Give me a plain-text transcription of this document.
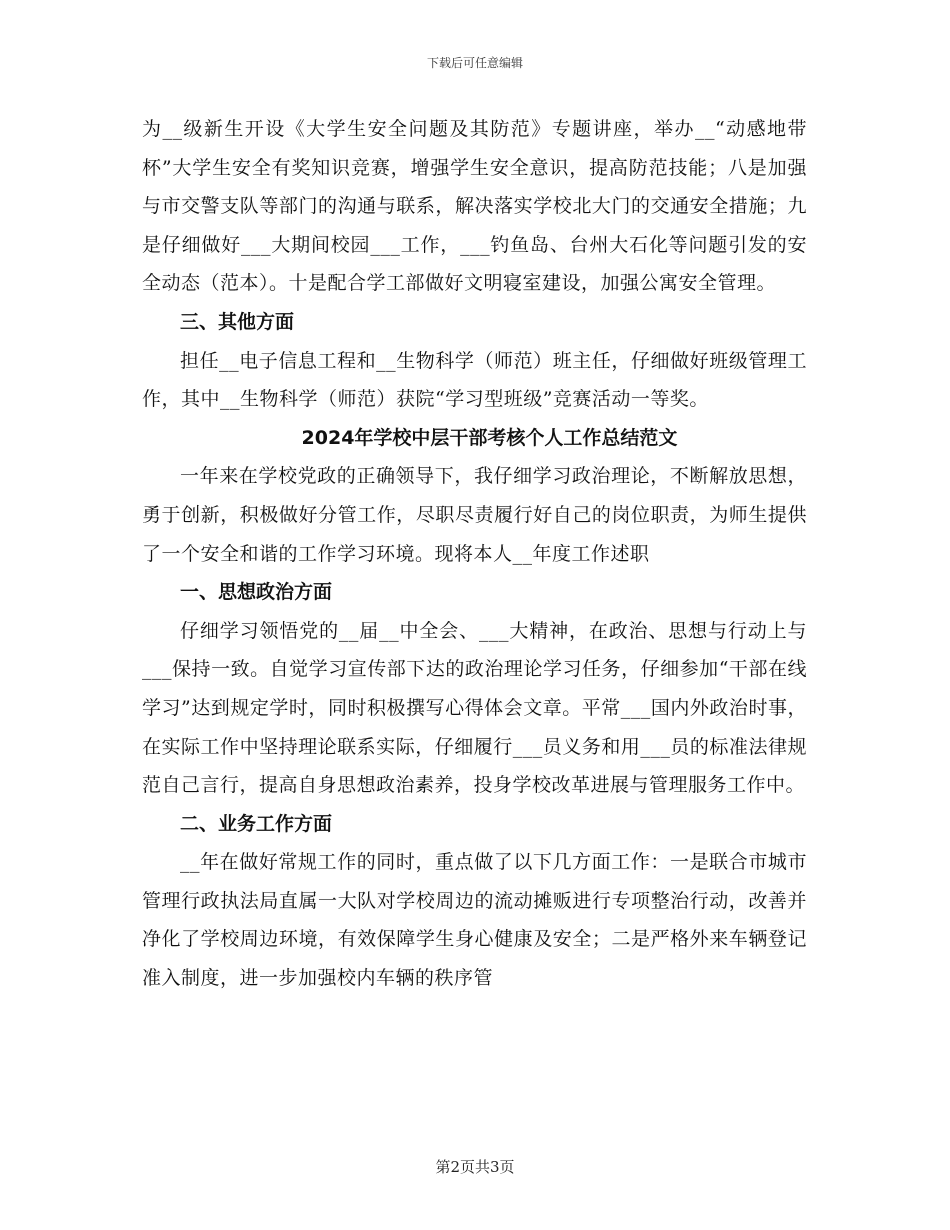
下载后可任意编辑

为__级新生开设《大学生安全问题及其防范》专题讲座，举办__“动感地带杯”大学生安全有奖知识竞赛，增强学生安全意识，提高防范技能；八是加强与市交警支队等部门的沟通与联系，解决落实学校北大门的交通安全措施；九是仔细做好___大期间校园___工作，___钓鱼岛、台州大石化等问题引发的安全动态（范本）。十是配合学工部做好文明寝室建设，加强公寓安全管理。

三、其他方面

担任__电子信息工程和__生物科学（师范）班主任，仔细做好班级管理工作，其中__生物科学（师范）获院“学习型班级”竞赛活动一等奖。

2024年学校中层干部考核个人工作总结范文

一年来在学校党政的正确领导下，我仔细学习政治理论，不断解放思想，勇于创新，积极做好分管工作，尽职尽责履行好自己的岗位职责，为师生提供了一个安全和谐的工作学习环境。现将本人__年度工作述职

一、思想政治方面

仔细学习领悟党的__届__中全会、___大精神，在政治、思想与行动上与___保持一致。自觉学习宣传部下达的政治理论学习任务，仔细参加“干部在线学习”达到规定学时，同时积极撰写心得体会文章。平常___国内外政治时事，在实际工作中坚持理论联系实际，仔细履行___员义务和用___员的标准法律规范自己言行，提高自身思想政治素养，投身学校改革进展与管理服务工作中。

二、业务工作方面

__年在做好常规工作的同时，重点做了以下几方面工作：一是联合市城市管理行政执法局直属一大队对学校周边的流动摊贩进行专项整治行动，改善并净化了学校周边环境，有效保障学生身心健康及安全；二是严格外来车辆登记准入制度，进一步加强校内车辆的秩序管

第2页共3页
